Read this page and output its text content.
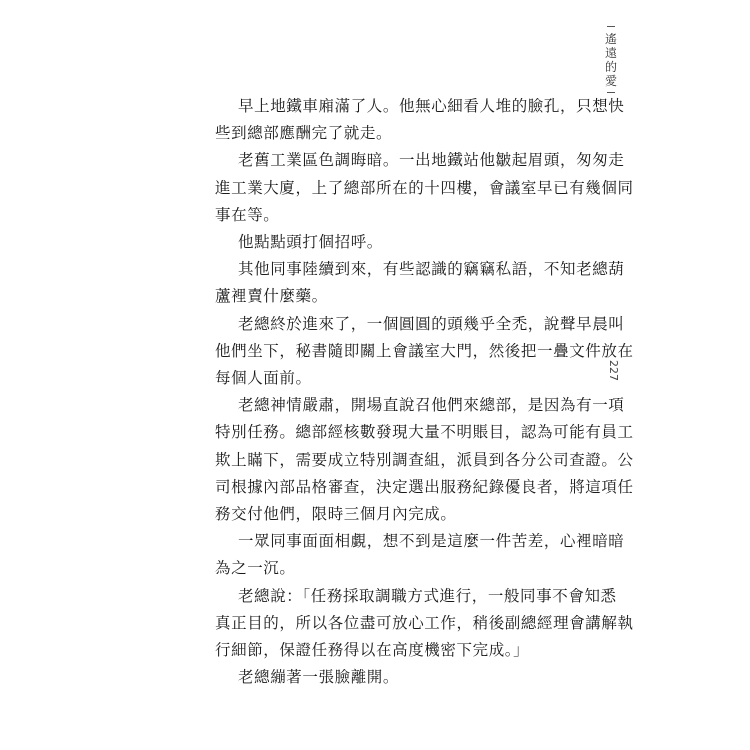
遙
遠
的
愛
227

早上地鐵車廂滿了人。他無心細看人堆的臉孔，只想快
些到總部應酬完了就走。

老舊工業區色調晦暗。一出地鐵站他皺起眉頭，匆匆走
進工業大廈，上了總部所在的十四樓，會議室早已有幾個同
事在等。

他點點頭打個招呼。

其他同事陸續到來，有些認識的竊竊私語，不知老總葫
蘆裡賣什麼藥。

老總終於進來了，一個圓圓的頭幾乎全禿，說聲早晨叫
他們坐下，秘書隨即關上會議室大門，然後把一疊文件放在
每個人面前。

老總神情嚴肅，開場直說召他們來總部，是因為有一項
特別任務。總部經核數發現大量不明賬目，認為可能有員工
欺上瞞下，需要成立特別調查組，派員到各分公司查證。公
司根據內部品格審查，決定選出服務紀錄優良者，將這項任
務交付他們，限時三個月內完成。

一眾同事面面相覷，想不到是這麼一件苦差，心裡暗暗
為之一沉。

老總說：「任務採取調職方式進行，一般同事不會知悉
真正目的，所以各位盡可放心工作，稍後副總經理會講解執
行細節，保證任務得以在高度機密下完成。」

老總繃著一張臉離開。
